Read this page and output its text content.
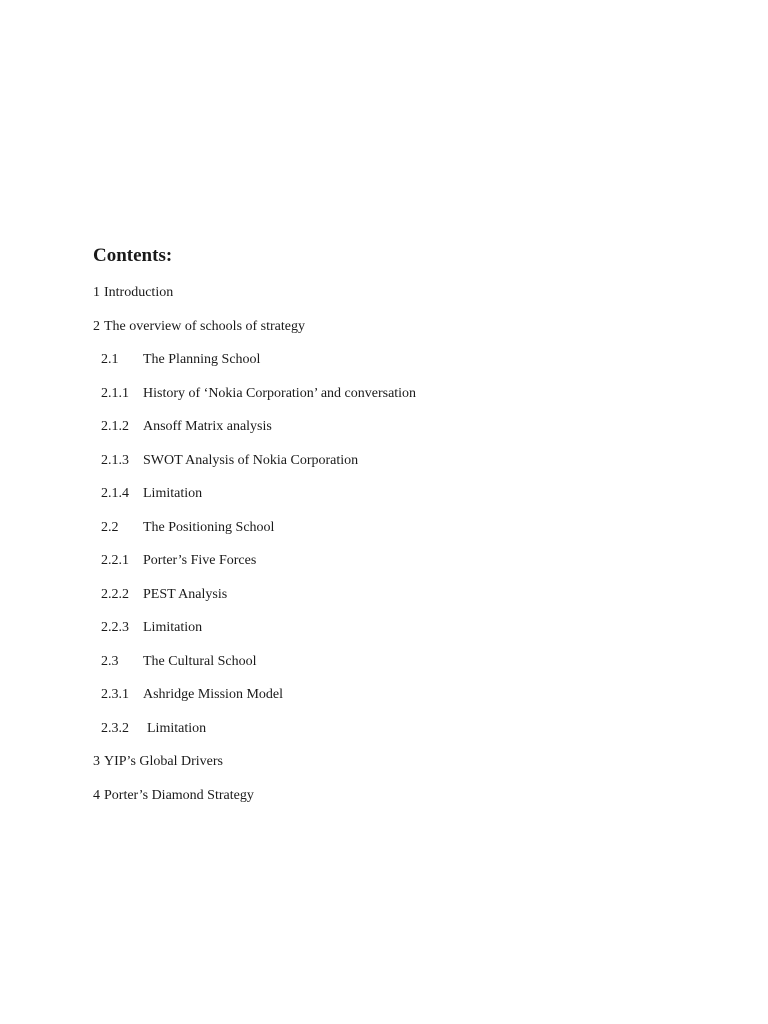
Contents:
1 Introduction
2 The overview of schools of strategy
2.1	The Planning School
2.1.1	History of ‘Nokia Corporation’ and conversation
2.1.2	Ansoff Matrix analysis
2.1.3	SWOT Analysis of Nokia Corporation
2.1.4	Limitation
2.2	The Positioning School
2.2.1	Porter’s Five Forces
2.2.2	PEST Analysis
2.2.3	Limitation
2.3	The Cultural School
2.3.1	Ashridge Mission Model
2.3.2	Limitation
3 YIP’s Global Drivers
4 Porter’s Diamond Strategy
